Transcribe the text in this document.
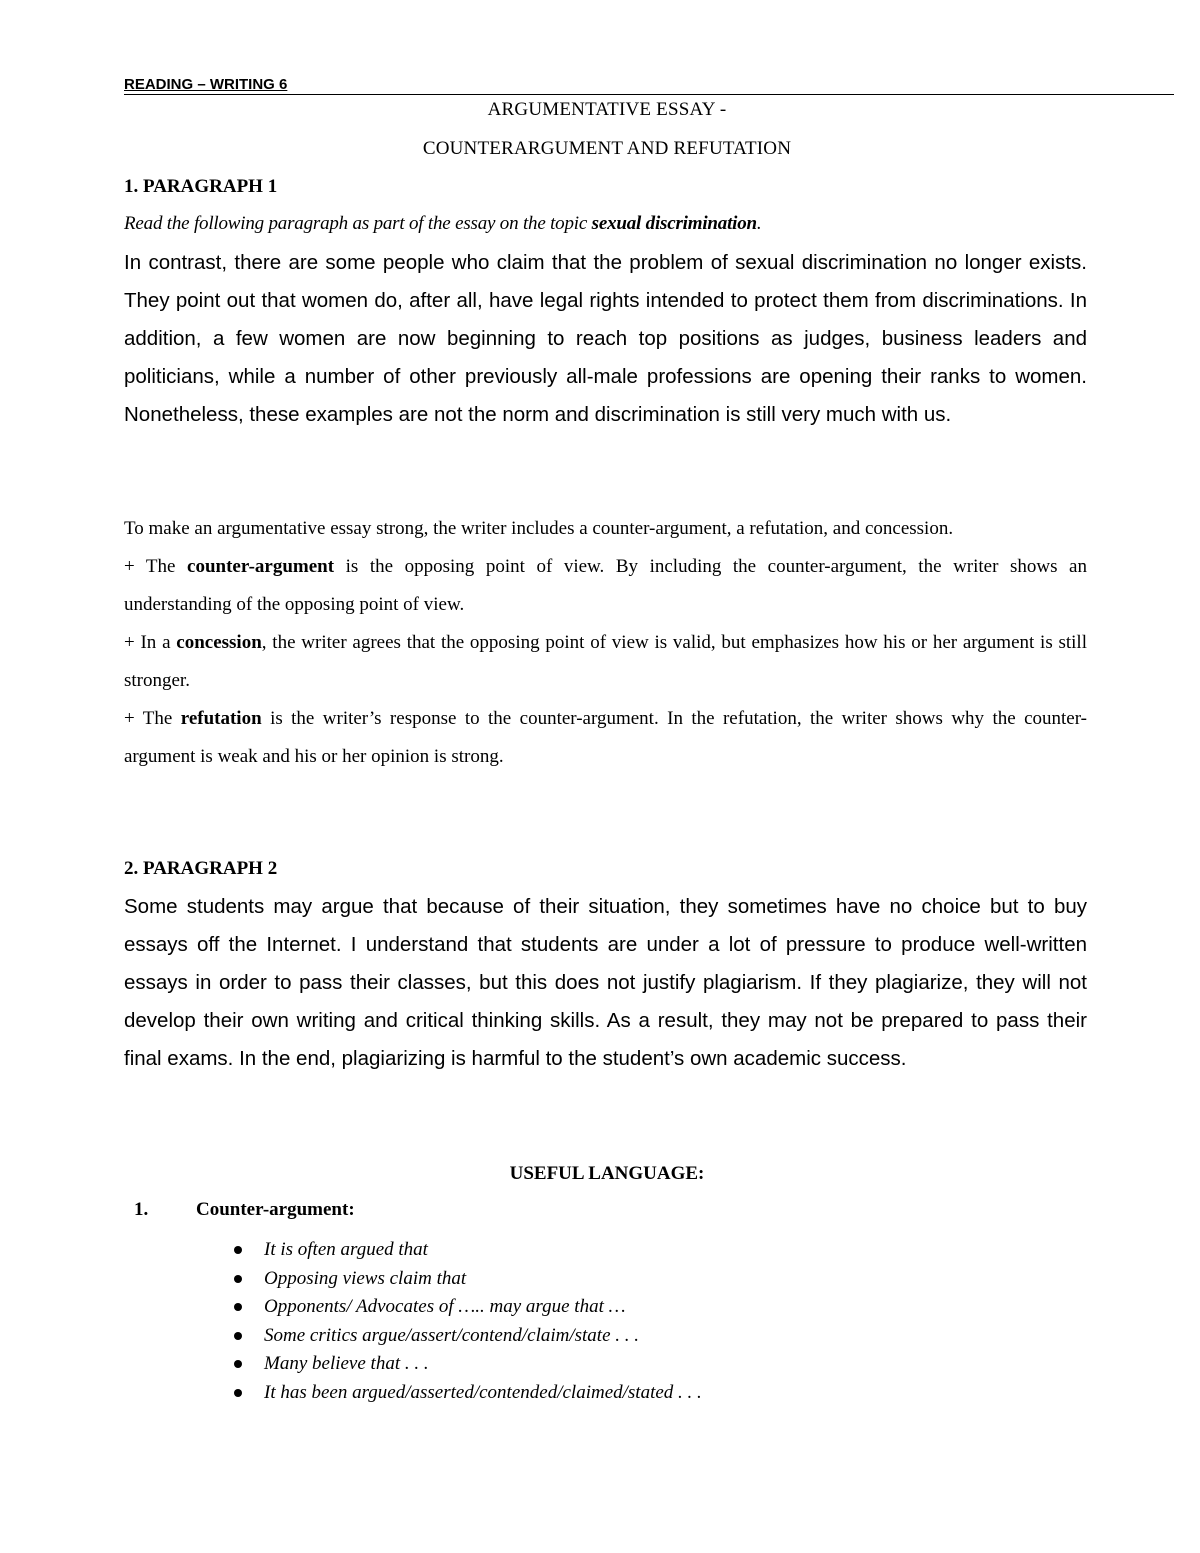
READING – WRITING 6
ARGUMENTATIVE ESSAY -
COUNTERARGUMENT AND REFUTATION
1. PARAGRAPH 1
Read the following paragraph as part of the essay on the topic sexual discrimination.
In contrast, there are some people who claim that the problem of sexual discrimination no longer exists. They point out that women do, after all, have legal rights intended to protect them from discriminations. In addition, a few women are now beginning to reach top positions as judges, business leaders and politicians, while a number of other previously all-male professions are opening their ranks to women. Nonetheless, these examples are not the norm and discrimination is still very much with us.

To make an argumentative essay strong, the writer includes a counter-argument, a refutation, and concession.

+ The counter-argument is the opposing point of view. By including the counter-argument, the writer shows an understanding of the opposing point of view.

+ In a concession, the writer agrees that the opposing point of view is valid, but emphasizes how his or her argument is still stronger.

+ The refutation is the writer’s response to the counter-argument. In the refutation, the writer shows why the counter-argument is weak and his or her opinion is strong.

2. PARAGRAPH 2
Some students may argue that because of their situation, they sometimes have no choice but to buy essays off the Internet. I understand that students are under a lot of pressure to produce well-written essays in order to pass their classes, but this does not justify plagiarism. If they plagiarize, they will not develop their own writing and critical thinking skills. As a result, they may not be prepared to pass their final exams. In the end, plagiarizing is harmful to the student’s own academic success.
USEFUL LANGUAGE:
1.	Counter-argument:
It is often argued that
Opposing views claim that
Opponents/ Advocates of ….. may argue that …
Some critics argue/assert/contend/claim/state . . .
Many believe that . . .
It has been argued/asserted/contended/claimed/stated . . .
